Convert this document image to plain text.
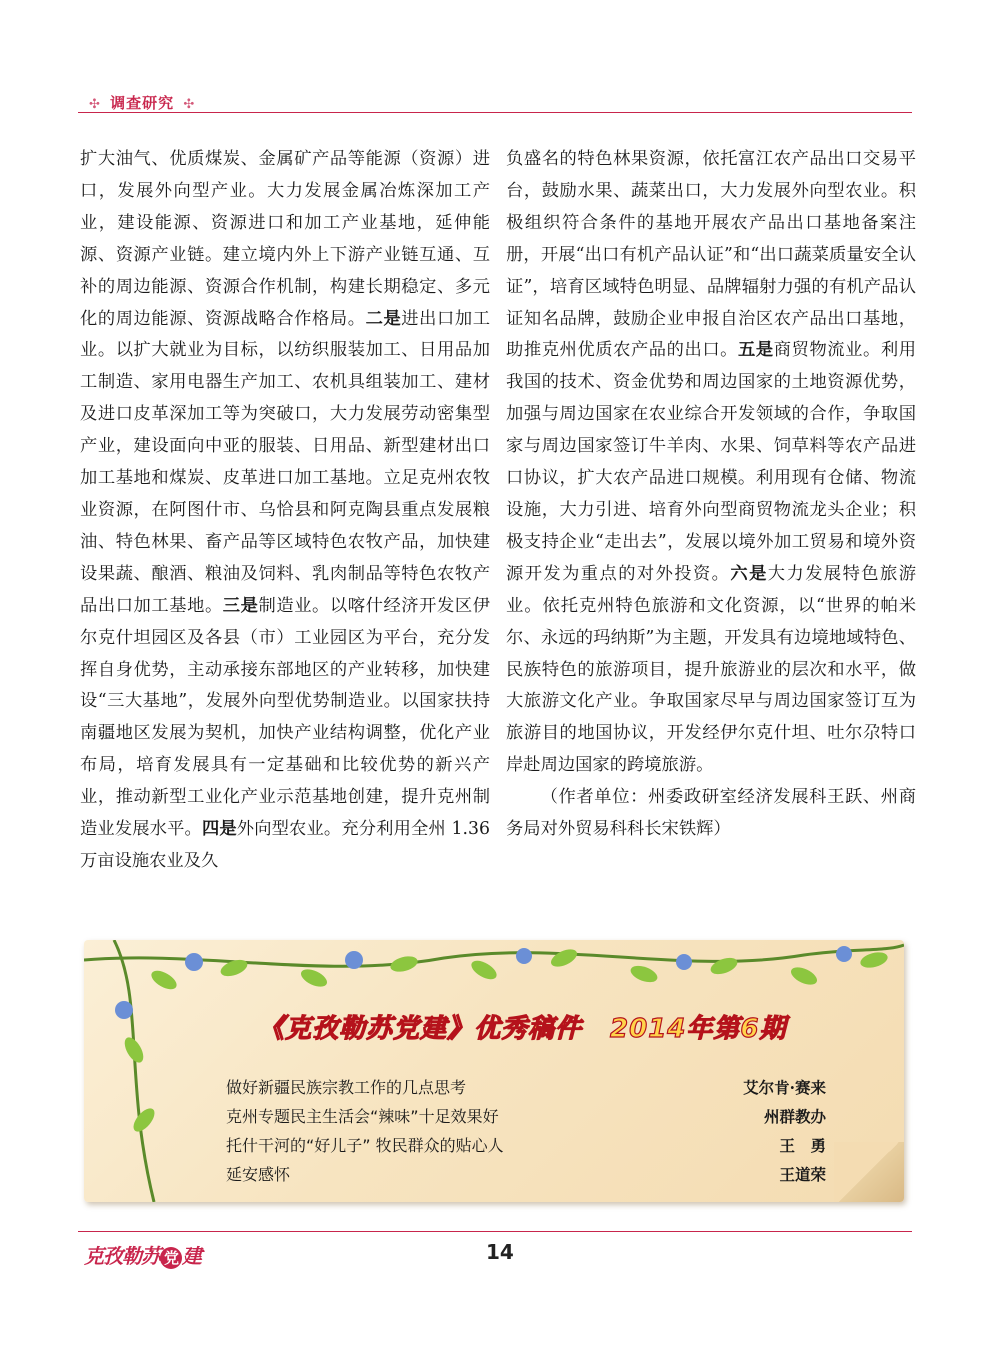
✣ 调查研究 ✣

扩大油气、优质煤炭、金属矿产品等能源（资源）进口，发展外向型产业。大力发展金属冶炼深加工产业，建设能源、资源进口和加工产业基地，延伸能源、资源产业链。建立境内外上下游产业链互通、互补的周边能源、资源合作机制，构建长期稳定、多元化的周边能源、资源战略合作格局。二是进出口加工业。以扩大就业为目标，以纺织服装加工、日用品加工制造、家用电器生产加工、农机具组装加工、建材及进口皮革深加工等为突破口，大力发展劳动密集型产业，建设面向中亚的服装、日用品、新型建材出口加工基地和煤炭、皮革进口加工基地。立足克州农牧业资源，在阿图什市、乌恰县和阿克陶县重点发展粮油、特色林果、畜产品等区域特色农牧产品，加快建设果蔬、酿酒、粮油及饲料、乳肉制品等特色农牧产品出口加工基地。三是制造业。以喀什经济开发区伊尔克什坦园区及各县（市）工业园区为平台，充分发挥自身优势，主动承接东部地区的产业转移，加快建设“三大基地”，发展外向型优势制造业。以国家扶持南疆地区发展为契机，加快产业结构调整，优化产业布局，培育发展具有一定基础和比较优势的新兴产业，推动新型工业化产业示范基地创建，提升克州制造业发展水平。四是外向型农业。充分利用全州 1.36 万亩设施农业及久

负盛名的特色林果资源，依托富江农产品出口交易平台，鼓励水果、蔬菜出口，大力发展外向型农业。积极组织符合条件的基地开展农产品出口基地备案注册，开展“出口有机产品认证”和“出口蔬菜质量安全认证”，培育区域特色明显、品牌辐射力强的有机产品认证知名品牌，鼓励企业申报自治区农产品出口基地，助推克州优质农产品的出口。五是商贸物流业。利用我国的技术、资金优势和周边国家的土地资源优势，加强与周边国家在农业综合开发领域的合作，争取国家与周边国家签订牛羊肉、水果、饲草料等农产品进口协议，扩大农产品进口规模。利用现有仓储、物流设施，大力引进、培育外向型商贸物流龙头企业；积极支持企业“走出去”，发展以境外加工贸易和境外资源开发为重点的对外投资。六是大力发展特色旅游业。依托克州特色旅游和文化资源，以“世界的帕米尔、永远的玛纳斯”为主题，开发具有边境地域特色、民族特色的旅游项目，提升旅游业的层次和水平，做大旅游文化产业。争取国家尽早与周边国家签订互为旅游目的地国协议，开发经伊尔克什坦、吐尔尕特口岸赴周边国家的跨境旅游。

（作者单位：州委政研室经济发展科王跃、州商务局对外贸易科科长宋铁辉）

《克孜勒苏党建》优秀稿件 2014年第6期
做好新疆民族宗教工作的几点思考	艾尔肯·赛来
克州专题民主生活会“辣味”十足效果好	州群教办
托什干河的“好儿子” 牧民群众的贴心人	王　勇
延安感怀	王道荣
克孜勒苏 党 建	14
